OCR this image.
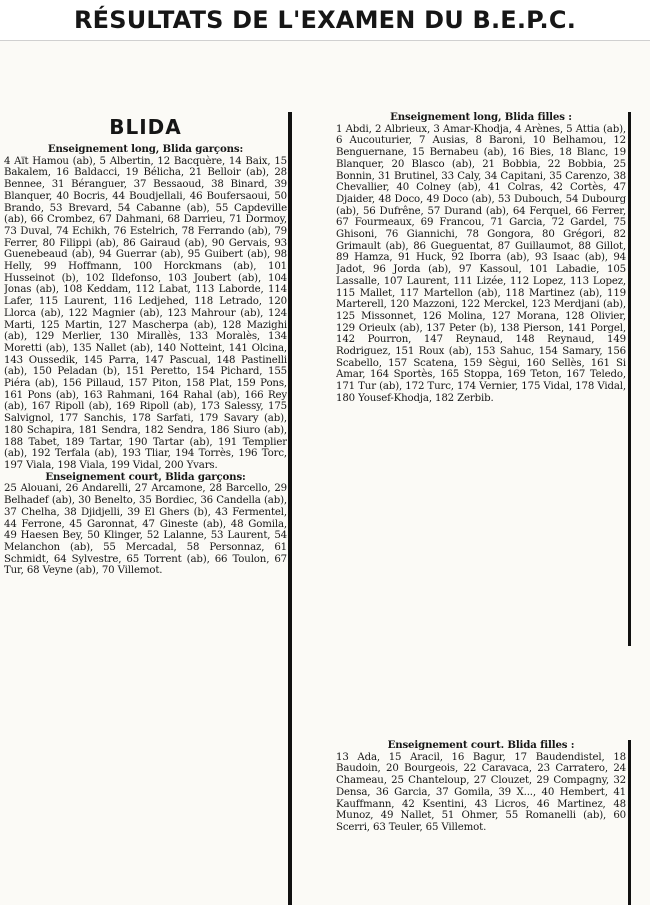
RÉSULTATS DE L'EXAMEN DU B.E.P.C.
BLIDA

Enseignement long, Blida garçons:
4 Aït Hamou (ab), 5 Albertin, 12 Bacquère, 14 Baix, 15 Bakalem, 16 Baldacci, 19 Bélicha, 21 Belloir (ab), 28 Bennee, 31 Béranguer, 37 Bessaoud, 38 Binard, 39 Blanquer, 40 Bocris, 44 Boudjellali, 46 Boufersaoui, 50 Brando, 53 Brevard, 54 Cabanne (ab), 55 Capdeville (ab), 66 Crombez, 67 Dahmani, 68 Darrieu, 71 Dormoy, 73 Duval, 74 Echikh, 76 Estelrich, 78 Ferrando (ab), 79 Ferrer, 80 Filippi (ab), 86 Gairaud (ab), 90 Gervais, 93 Guenebeaud (ab), 94 Guerrar (ab), 95 Guibert (ab), 98 Helly, 99 Hoffmann, 100 Horckmans (ab), 101 Husseinot (b), 102 Ildefonso, 103 Joubert (ab), 104 Jonas (ab), 108 Keddam, 112 Labat, 113 Laborde, 114 Lafer, 115 Laurent, 116 Ledjehed, 118 Letrado, 120 Llorca (ab), 122 Magnier (ab), 123 Mahrour (ab), 124 Marti, 125 Martin, 127 Mascherpa (ab), 128 Mazighi (ab), 129 Merlier, 130 Mirallès, 133 Moralès, 134 Moretti (ab), 135 Nallet (ab), 140 Notteint, 141 Olcina, 143 Oussedik, 145 Parra, 147 Pascual, 148 Pastinelli (ab), 150 Peladan (b), 151 Peretto, 154 Pichard, 155 Piéra (ab), 156 Pillaud, 157 Piton, 158 Plat, 159 Pons, 161 Pons (ab), 163 Rahmani, 164 Rahal (ab), 166 Rey (ab), 167 Ripoll (ab), 169 Ripoll (ab), 173 Salessy, 175 Salvignol, 177 Sanchis, 178 Sarfati, 179 Savary (ab), 180 Schapira, 181 Sendra, 182 Sendra, 186 Siuro (ab), 188 Tabet, 189 Tartar, 190 Tartar (ab), 191 Templier (ab), 192 Terfala (ab), 193 Tliar, 194 Torrès, 196 Torc, 197 Viala, 198 Viala, 199 Vidal, 200 Yvars.

Enseignement court, Blida garçons:
25 Alouani, 26 Andarelli, 27 Arcamone, 28 Barcello, 29 Belhadef (ab), 30 Benelto, 35 Bordiec, 36 Candella (ab), 37 Chelha, 38 Djidjelli, 39 El Ghers (b), 43 Fermentel, 44 Ferrone, 45 Garonnat, 47 Gineste (ab), 48 Gomila, 49 Haesen Bey, 50 Klinger, 52 Lalanne, 53 Laurent, 54 Melanchon (ab), 55 Mercadal, 58 Personnaz, 61 Schmidt, 64 Sylvestre, 65 Torrent (ab), 66 Toulon, 67 Tur, 68 Veyne (ab), 70 Villemot.

Enseignement long, Blida filles :
1 Abdi, 2 Albrieux, 3 Amar-Khodja, 4 Arènes, 5 Attia (ab), 6 Aucouturier, 7 Ausias, 8 Baroni, 10 Belhamou, 12 Benguernane, 15 Bernabeu (ab), 16 Bies, 18 Blanc, 19 Blanquer, 20 Blasco (ab), 21 Bobbia, 22 Bobbia, 25 Bonnin, 31 Brutinel, 33 Caly, 34 Capitani, 35 Carenzo, 38 Chevallier, 40 Colney (ab), 41 Colras, 42 Cortès, 47 Djaider, 48 Doco, 49 Doco (ab), 53 Dubouch, 54 Dubourg (ab), 56 Dufrêne, 57 Durand (ab), 64 Ferquel, 66 Ferrer, 67 Fourmeaux, 69 Francou, 71 Garcia, 72 Gardel, 75 Ghisoni, 76 Giannichi, 78 Gongora, 80 Grégori, 82 Grimault (ab), 86 Gueguentat, 87 Guillaumot, 88 Gillot, 89 Hamza, 91 Huck, 92 Iborra (ab), 93 Isaac (ab), 94 Jadot, 96 Jorda (ab), 97 Kassoul, 101 Labadie, 105 Lassalle, 107 Laurent, 111 Lizée, 112 Lopez, 113 Lopez, 115 Mallet, 117 Martellon (ab), 118 Martinez (ab), 119 Marterell, 120 Mazzoni, 122 Merckel, 123 Merdjani (ab), 125 Missonnet, 126 Molina, 127 Morana, 128 Olivier, 129 Orieulx (ab), 137 Peter (b), 138 Pierson, 141 Porgel, 142 Pourron, 147 Reynaud, 148 Reynaud, 149 Rodriguez, 151 Roux (ab), 153 Sahuc, 154 Samary, 156 Scabello, 157 Scatena, 159 Sègui, 160 Sellès, 161 Si Amar, 164 Sportès, 165 Stoppa, 169 Teton, 167 Teledo, 171 Tur (ab), 172 Turc, 174 Vernier, 175 Vidal, 178 Vidal, 180 Yousef-Khodja, 182 Zerbib.

Enseignement court. Blida filles :
13 Ada, 15 Aracil, 16 Bagur, 17 Baudendistel, 18 Baudoin, 20 Bourgeois, 22 Caravaca, 23 Carratero, 24 Chameau, 25 Chanteloup, 27 Clouzet, 29 Compagny, 32 Densa, 36 Garcia, 37 Gomila, 39 X..., 40 Hembert, 41 Kauffmann, 42 Ksentini, 43 Licros, 46 Martinez, 48 Munoz, 49 Nallet, 51 Ohmer, 55 Romanelli (ab), 60 Scerri, 63 Teuler, 65 Villemot.
